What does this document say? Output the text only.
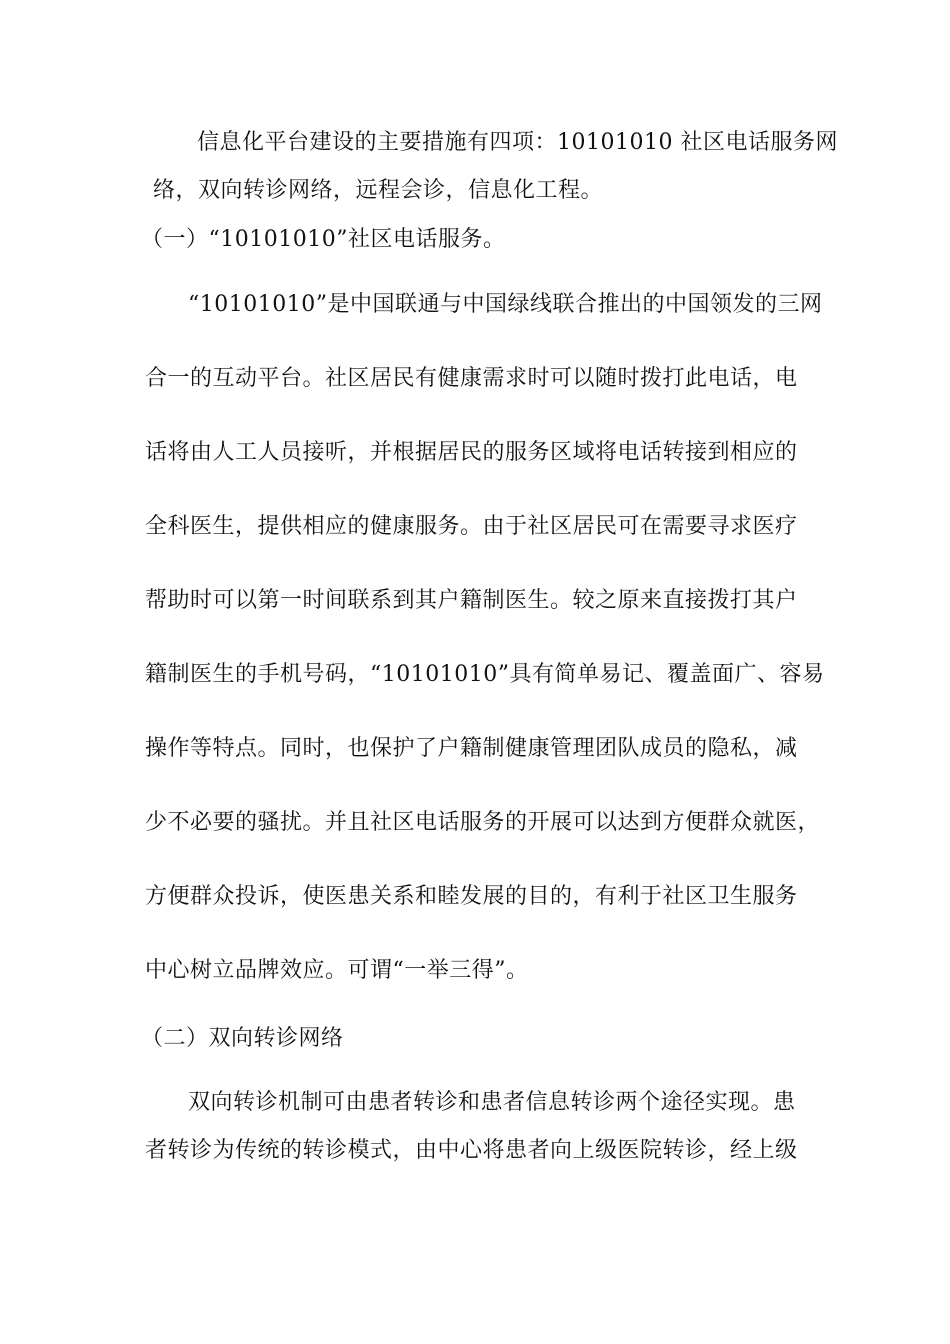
信息化平台建设的主要措施有四项：10101010 社区电话服务网
络，双向转诊网络，远程会诊，信息化工程。
（一）“10101010”社区电话服务。
“10101010”是中国联通与中国绿线联合推出的中国领发的三网
合一的互动平台。社区居民有健康需求时可以随时拨打此电话，电
话将由人工人员接听，并根据居民的服务区域将电话转接到相应的
全科医生，提供相应的健康服务。由于社区居民可在需要寻求医疗
帮助时可以第一时间联系到其户籍制医生。较之原来直接拨打其户
籍制医生的手机号码，“10101010”具有简单易记、覆盖面广、容易
操作等特点。同时，也保护了户籍制健康管理团队成员的隐私，减
少不必要的骚扰。并且社区电话服务的开展可以达到方便群众就医，
方便群众投诉，使医患关系和睦发展的目的，有利于社区卫生服务
中心树立品牌效应。可谓“一举三得”。
（二）双向转诊网络
双向转诊机制可由患者转诊和患者信息转诊两个途径实现。患
者转诊为传统的转诊模式，由中心将患者向上级医院转诊，经上级
